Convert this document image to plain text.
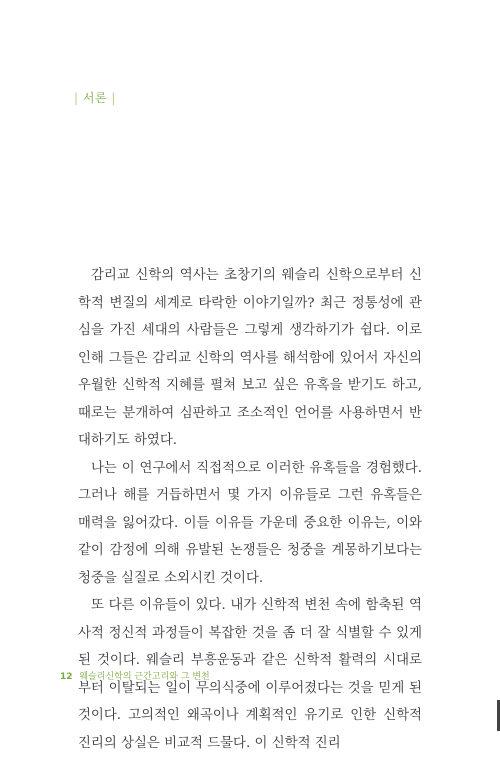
| 서론 |

감리교 신학의 역사는 초창기의 웨슬리 신학으로부터 신학적 변질의 세계로 타락한 이야기일까? 최근 정통성에 관심을 가진 세대의 사람들은 그렇게 생각하기가 쉽다. 이로 인해 그들은 감리교 신학의 역사를 해석함에 있어서 자신의 우월한 신학적 지혜를 펼쳐 보고 싶은 유혹을 받기도 하고, 때로는 분개하여 심판하고 조소적인 언어를 사용하면서 반대하기도 하였다.

나는 이 연구에서 직접적으로 이러한 유혹들을 경험했다. 그러나 해를 거듭하면서 몇 가지 이유들로 그런 유혹들은 매력을 잃어갔다. 이들 이유들 가운데 중요한 이유는, 이와 같이 감정에 의해 유발된 논쟁들은 청중을 계몽하기보다는 청중을 실질로 소외시킨 것이다.

또 다른 이유들이 있다. 내가 신학적 변천 속에 함축된 역사적 정신적 과정들이 복잡한 것을 좀 더 잘 식별할 수 있게 된 것이다. 웨슬리 부흥운동과 같은 신학적 활력의 시대로부터 이탈되는 일이 무의식중에 이루어졌다는 것을 믿게 된 것이다. 고의적인 왜곡이나 계획적인 유기로 인한 신학적 진리의 상실은 비교적 드물다. 이 신학적 진리

12 웨슬리신학의 근간고리와 그 변천
